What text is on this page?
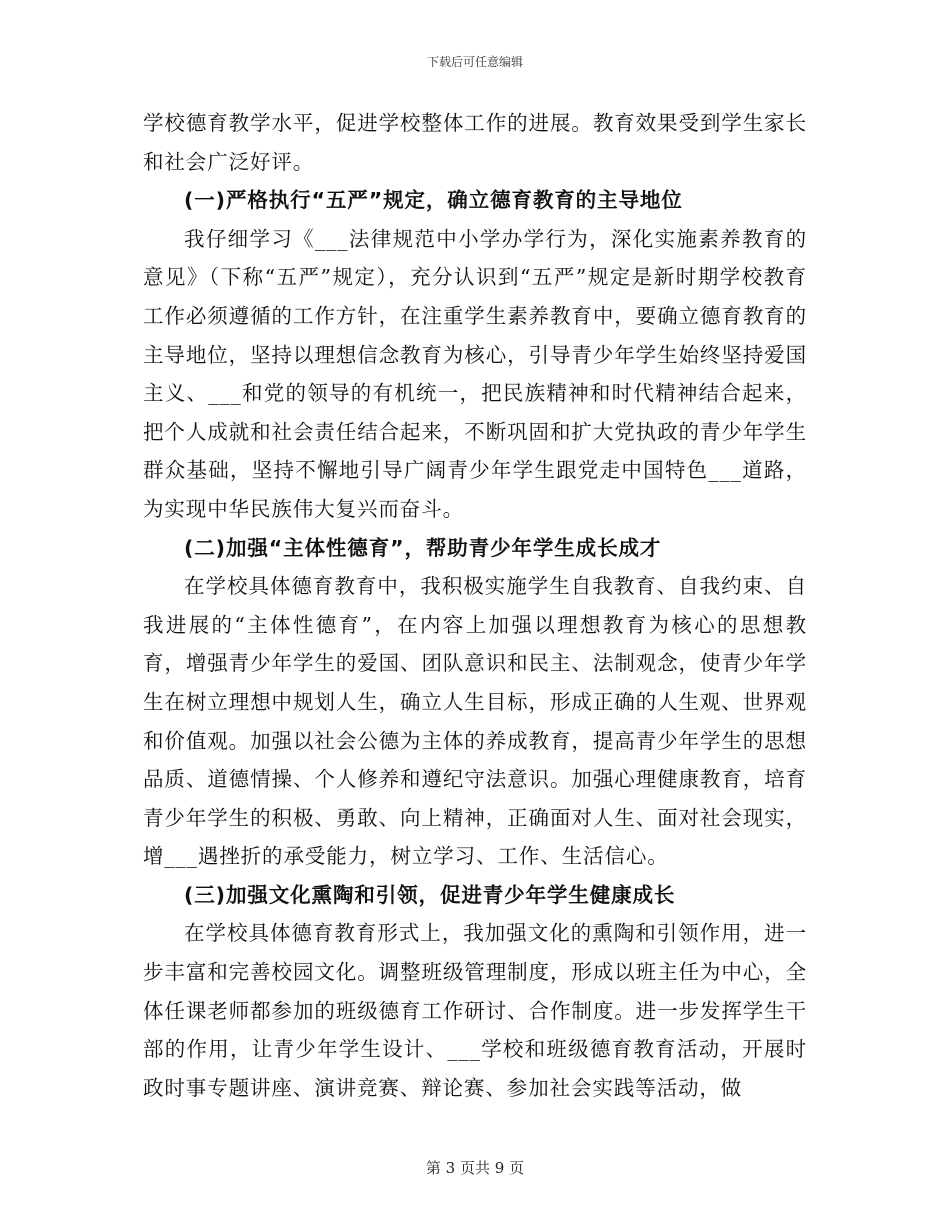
下载后可任意编辑

学校德育教学水平，促进学校整体工作的进展。教育效果受到学生家长和社会广泛好评。

(一)严格执行“五严”规定，确立德育教育的主导地位

我仔细学习《___法律规范中小学办学行为，深化实施素养教育的意见》（下称“五严”规定），充分认识到“五严”规定是新时期学校教育工作必须遵循的工作方针，在注重学生素养教育中，要确立德育教育的主导地位，坚持以理想信念教育为核心，引导青少年学生始终坚持爱国主义、___和党的领导的有机统一，把民族精神和时代精神结合起来，把个人成就和社会责任结合起来，不断巩固和扩大党执政的青少年学生群众基础，坚持不懈地引导广阔青少年学生跟党走中国特色___道路，为实现中华民族伟大复兴而奋斗。

(二)加强“主体性德育”，帮助青少年学生成长成才

在学校具体德育教育中，我积极实施学生自我教育、自我约束、自我进展的“主体性德育”，在内容上加强以理想教育为核心的思想教育，增强青少年学生的爱国、团队意识和民主、法制观念，使青少年学生在树立理想中规划人生，确立人生目标，形成正确的人生观、世界观和价值观。加强以社会公德为主体的养成教育，提高青少年学生的思想品质、道德情操、个人修养和遵纪守法意识。加强心理健康教育，培育青少年学生的积极、勇敢、向上精神，正确面对人生、面对社会现实，增___遇挫折的承受能力，树立学习、工作、生活信心。

(三)加强文化熏陶和引领，促进青少年学生健康成长

在学校具体德育教育形式上，我加强文化的熏陶和引领作用，进一步丰富和完善校园文化。调整班级管理制度，形成以班主任为中心，全体任课老师都参加的班级德育工作研讨、合作制度。进一步发挥学生干部的作用，让青少年学生设计、___学校和班级德育教育活动，开展时政时事专题讲座、演讲竞赛、辩论赛、参加社会实践等活动，做

第 3 页共 9 页
